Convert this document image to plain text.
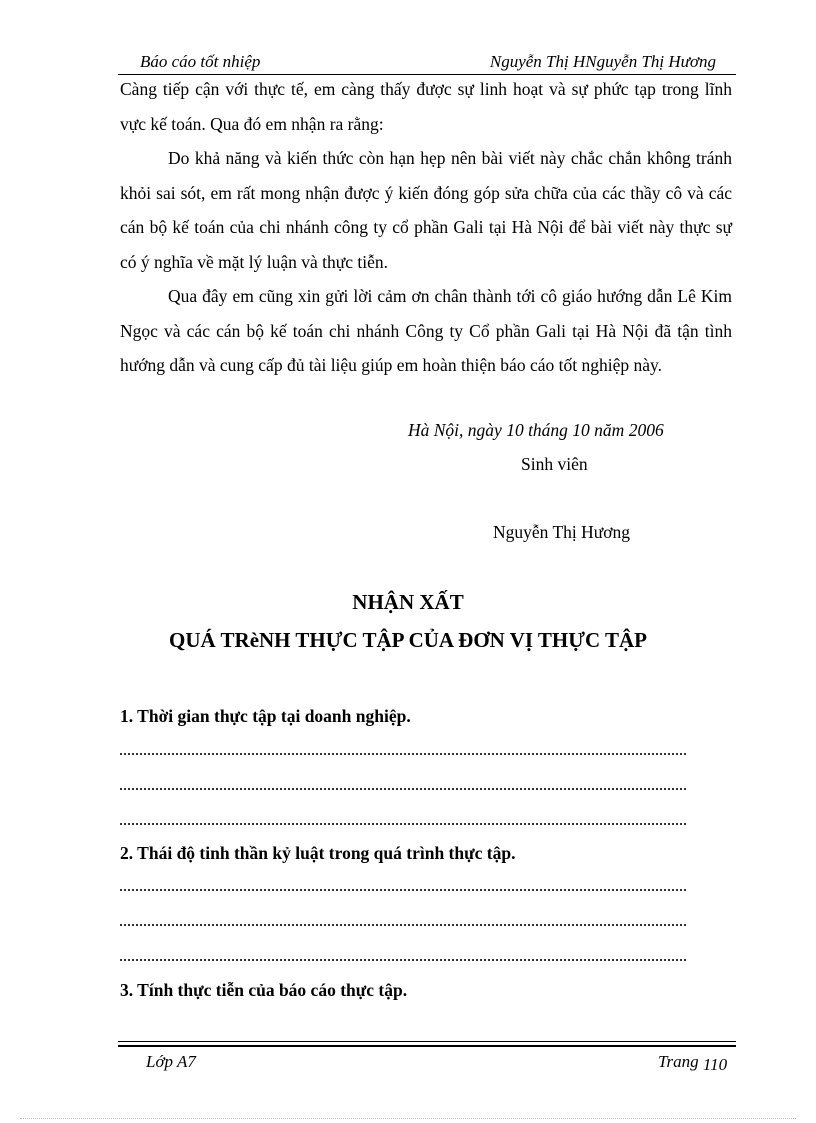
Báo cáo tốt nhiệp	Nguyễn Thị HNguyễn Thị Hương

Càng tiếp cận với thực tế, em càng thấy được sự linh hoạt và sự phức tạp trong lĩnh vực kế toán. Qua đó em nhận ra rằng:

Do khả năng và kiến thức còn hạn hẹp nên bài viết này chắc chắn không tránh khỏi sai sót, em rất mong nhận được ý kiến đóng góp sửa chữa của các thầy cô và các cán bộ kế toán của chi nhánh công ty cổ phần Gali tại Hà Nội để bài viết này thực sự có ý nghĩa về mặt lý luận và thực tiễn.

Qua đây em cũng xin gửi lời cảm ơn chân thành tới cô giáo hướng dẫn Lê Kim Ngọc và các cán bộ kế toán chi nhánh Công ty Cổ phần Gali tại Hà Nội đã tận tình hướng dẫn và cung cấp đủ tài liệu giúp em hoàn thiện báo cáo tốt nghiệp này.

Hà Nội, ngày 10 tháng 10 năm 2006
Sinh viên
Nguyễn Thị Hương
NHẬN XẤT
QUÁ TRèNH THỰC TẬP CỦA ĐƠN VỊ THỰC TẬP
1. Thời gian thực tập tại doanh nghiệp.
2. Thái độ tinh thần kỷ luật trong quá trình thực tập.
3. Tính thực tiễn của báo cáo thực tập.
Lớp A7	Trang 110
